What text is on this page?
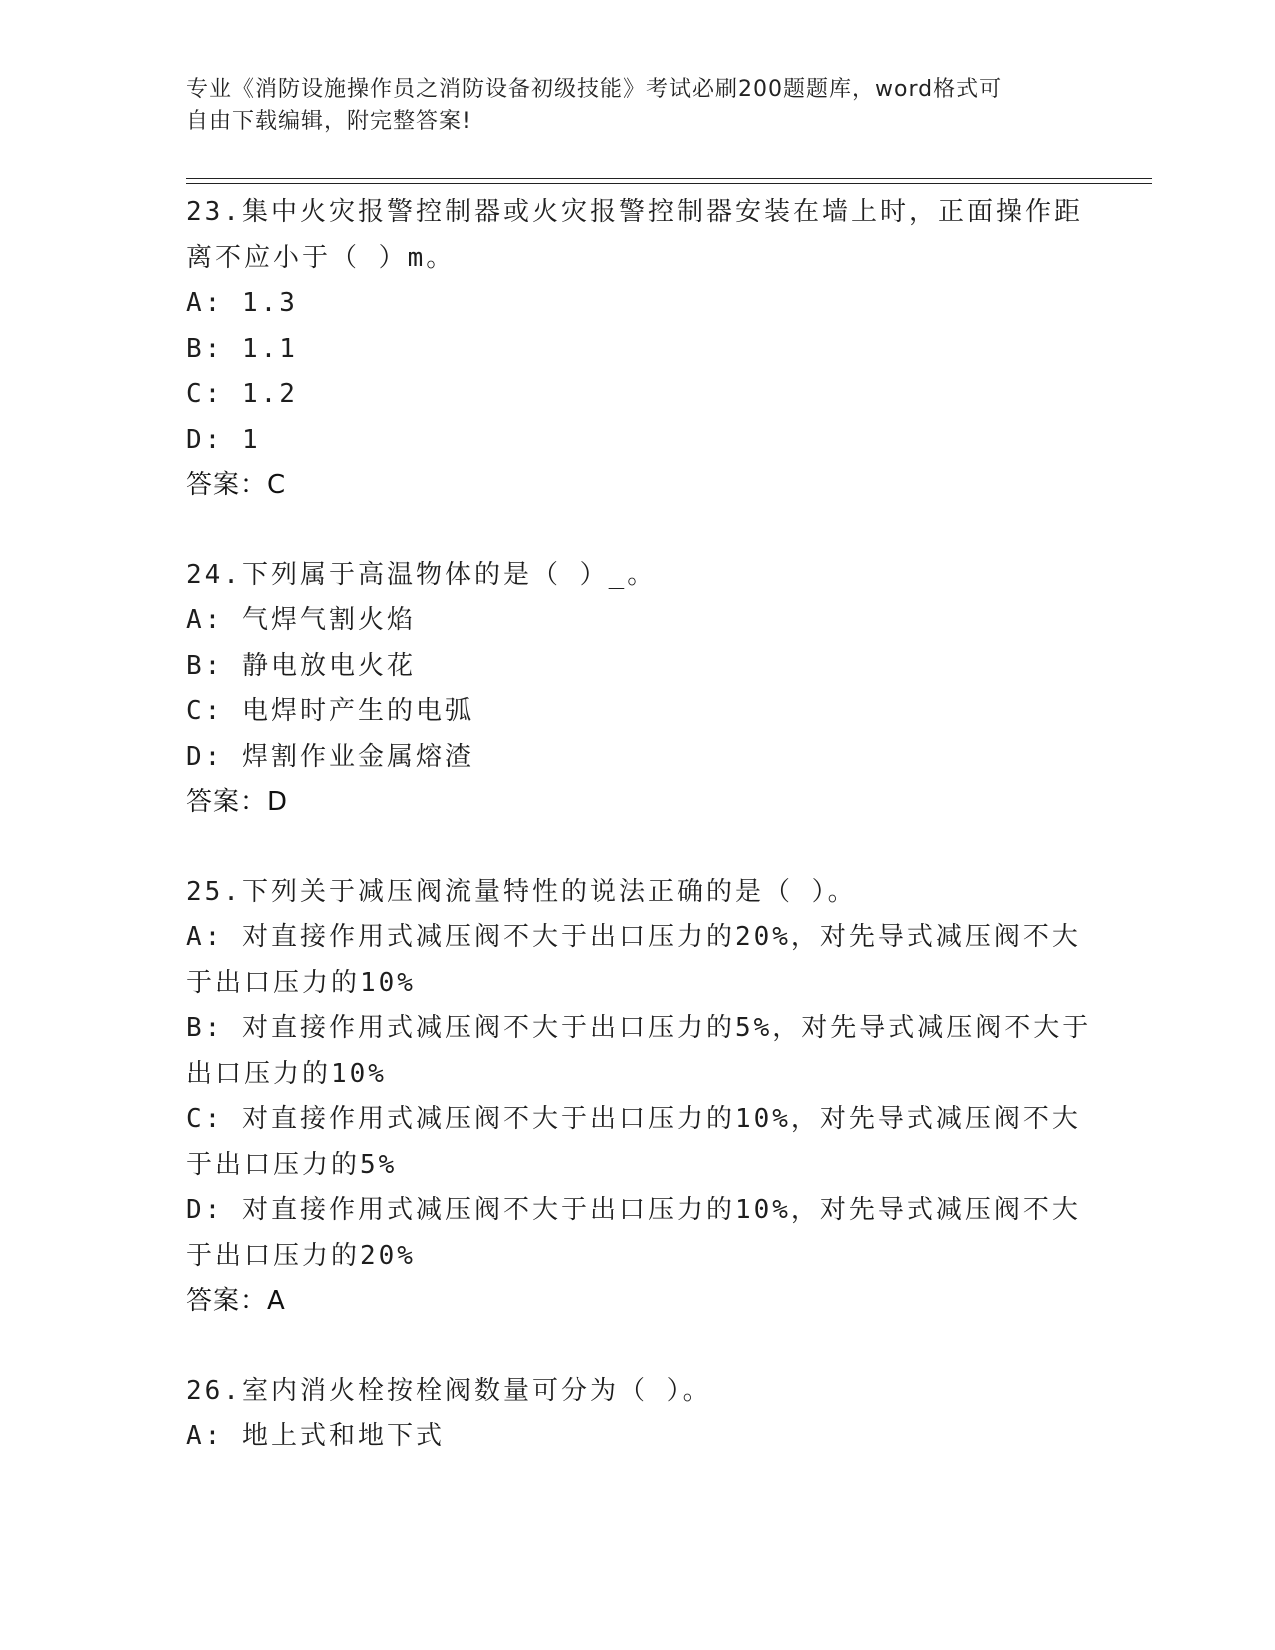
专业《消防设施操作员之消防设备初级技能》考试必刷200题题库，word格式可
自由下载编辑，附完整答案!
23.集中火灾报警控制器或火灾报警控制器安装在墙上时，正面操作距
离不应小于（ ）m。
A: 1.3
B: 1.1
C: 1.2
D: 1
答案：C
24.下列属于高温物体的是（ ）_。
A: 气焊气割火焰
B: 静电放电火花
C: 电焊时产生的电弧
D: 焊割作业金属熔渣
答案：D
25.下列关于减压阀流量特性的说法正确的是（ ）。
A: 对直接作用式减压阀不大于出口压力的20%，对先导式减压阀不大
于出口压力的10%
B: 对直接作用式减压阀不大于出口压力的5%，对先导式减压阀不大于
出口压力的10%
C: 对直接作用式减压阀不大于出口压力的10%，对先导式减压阀不大
于出口压力的5%
D: 对直接作用式减压阀不大于出口压力的10%，对先导式减压阀不大
于出口压力的20%
答案：A
26.室内消火栓按栓阀数量可分为（ ）。
A: 地上式和地下式
